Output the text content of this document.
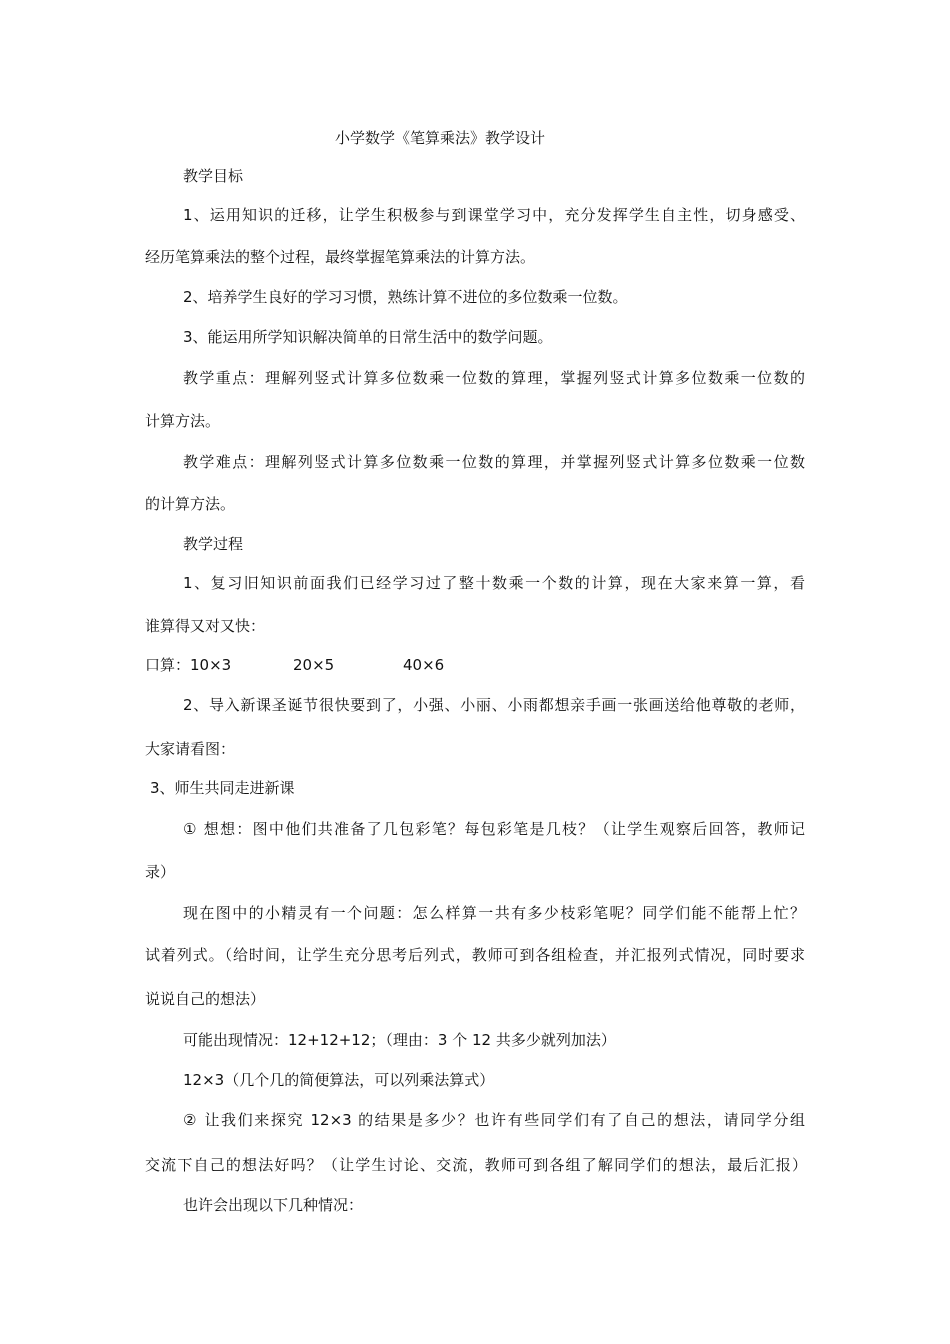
小学数学《笔算乘法》教学设计
教学目标
1、运用知识的迁移，让学生积极参与到课堂学习中，充分发挥学生自主性，切身感受、
经历笔算乘法的整个过程，最终掌握笔算乘法的计算方法。
2、培养学生良好的学习习惯，熟练计算不进位的多位数乘一位数。
3、能运用所学知识解决简单的日常生活中的数学问题。
教学重点：理解列竖式计算多位数乘一位数的算理，掌握列竖式计算多位数乘一位数的
计算方法。
教学难点：理解列竖式计算多位数乘一位数的算理，并掌握列竖式计算多位数乘一位数
的计算方法。
教学过程
1、复习旧知识前面我们已经学习过了整十数乘一个数的计算，现在大家来算一算，看
谁算得又对又快：
口算：10×3	20×5	40×6
2、导入新课圣诞节很快要到了，小强、小丽、小雨都想亲手画一张画送给他尊敬的老师，
大家请看图：
3、师生共同走进新课
① 想想：图中他们共准备了几包彩笔？每包彩笔是几枝？（让学生观察后回答，教师记
录）
现在图中的小精灵有一个问题：怎么样算一共有多少枝彩笔呢？同学们能不能帮上忙？
试着列式。（给时间，让学生充分思考后列式，教师可到各组检查，并汇报列式情况，同时要求
说说自己的想法）
可能出现情况：12+12+12；（理由：3 个 12 共多少就列加法）
12×3（几个几的简便算法，可以列乘法算式）
② 让我们来探究 12×3 的结果是多少？也许有些同学们有了自己的想法，请同学分组
交流下自己的想法好吗？（让学生讨论、交流，教师可到各组了解同学们的想法，最后汇报）
也许会出现以下几种情况：
